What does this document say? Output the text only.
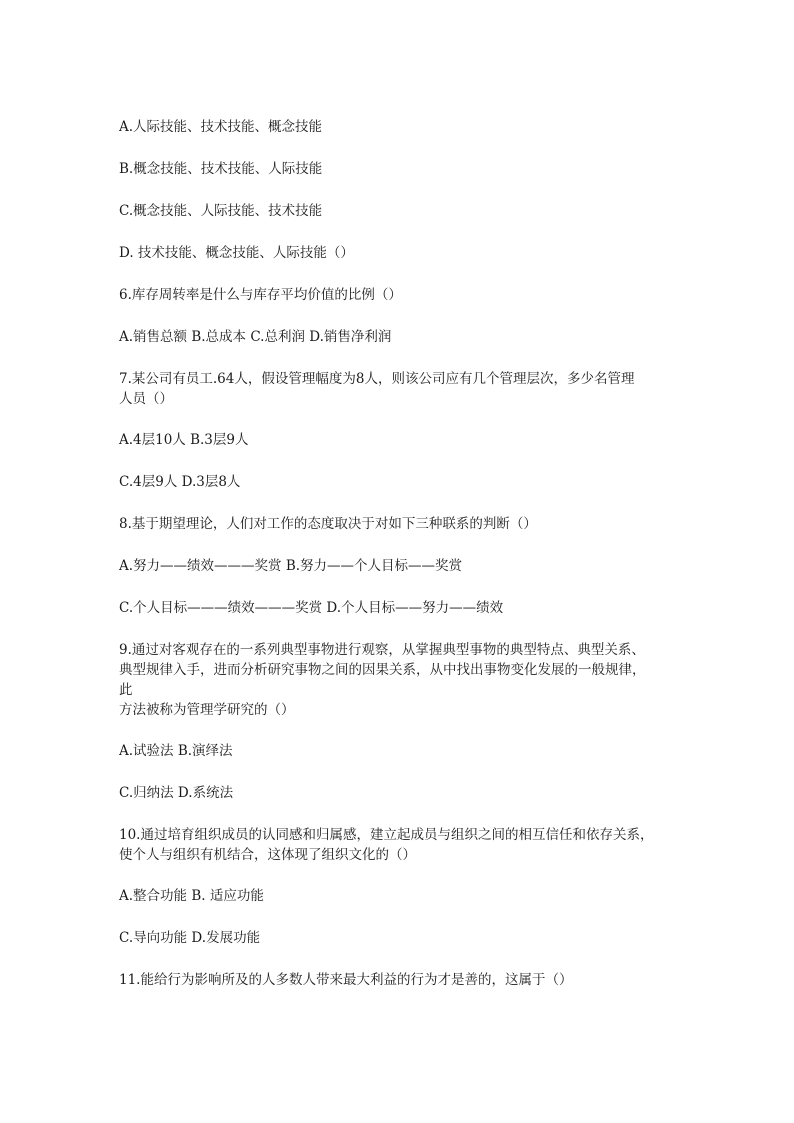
A.人际技能、技术技能、概念技能

B.概念技能、技术技能、人际技能

C.概念技能、人际技能、技术技能

D. 技术技能、概念技能、人际技能（）

6.库存周转率是什么与库存平均价值的比例（）

A.销售总额 B.总成本 C.总利润 D.销售净利润

7.某公司有员工.64人，假设管理幅度为8人，则该公司应有几个管理层次，多少名管理
人员（）

A.4层10人 B.3层9人

C.4层9人 D.3层8人

8.基于期望理论，人们对工作的态度取决于对如下三种联系的判断（）

A.努力——绩效———奖赏 B.努力——个人目标——奖赏

C.个人目标———绩效———奖赏 D.个人目标——努力——绩效

9.通过对客观存在的一系列典型事物进行观察，从掌握典型事物的典型特点、典型关系、
典型规律入手，进而分析研究事物之间的因果关系，从中找出事物变化发展的一般规律，
此
方法被称为管理学研究的（）

A.试验法 B.演绎法

C.归纳法 D.系统法

10.通过培育组织成员的认同感和归属感，建立起成员与组织之间的相互信任和依存关系，
使个人与组织有机结合，这体现了组织文化的（）

A.整合功能 B. 适应功能

C.导向功能 D.发展功能

11.能给行为影响所及的人多数人带来最大利益的行为才是善的，这属于（）
